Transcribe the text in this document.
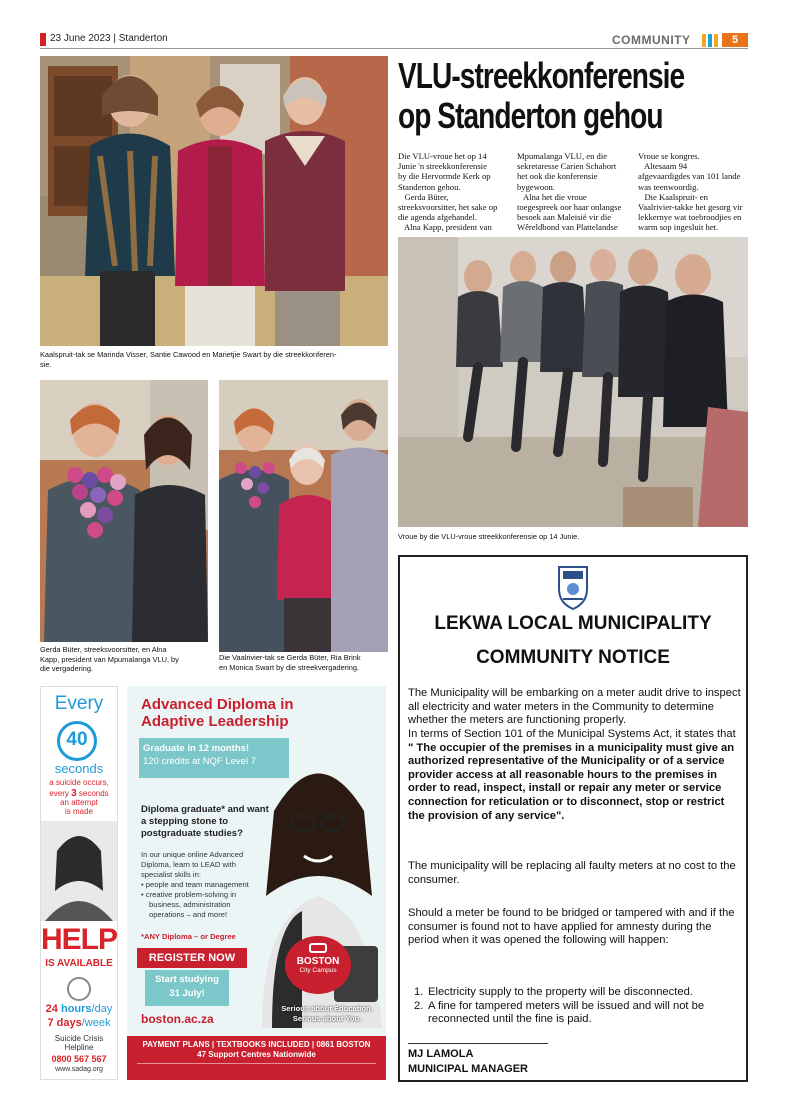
23 June 2023 | Standerton	COMMUNITY	5
Kaalspruit-tak se Marinda Visser, Santie Cawood en Marietjie Swart by die streekkonferen-
sie.
VLU-streekkonferensie
op Standerton gehou
Die VLU-vroue het op 14
Junie 'n streekkonferensie
by die Hervormde Kerk op
Standerton gehou.
Gerda Büter,
streeksvoorsitter, het sake op
die agenda afgehandel.
Alna Kapp, president van
Mpumalanga VLU, en die
sekretaresse Carien Schabort
het ook die konferensie
bygewoon.
Alna het die vroue
toegespreek oor haar onlangse
besoek aan Maleisië vir die
Wêreldbond van Plattelandse
Vroue se kongres.
Altesaam 94
afgevaardigdes van 101 lande
was teenwoordig.
Die Kaalspruit- en
Vaalrivier-takke het gesorg vir
lekkernye wat toebroodjies en
warm sop ingesluit het.
Vroue by die VLU-vroue streekkonferensie op 14 Junie.
Gerda Büter, streeksvoorsitter, en Alna
Kapp, president van Mpumalanga VLU, by
die vergadering.
Die Vaalrivier-tak se Gerda Büter, Ria Brink
en Monica Swart by die streekvergadering.
Every
40
seconds
a suicide occurs,
every 3 seconds
an attempt
is made
HELP
IS AVAILABLE
24 hours/day
7 days/week
Suicide Crisis
Helpline
0800 567 567
www.sadag.org
Advanced Diploma in
Adaptive Leadership
Graduate in 12 months!
120 credits at NQF Level 7
Diploma graduate* and want
a stepping stone to
postgraduate studies?
In our unique online Advanced
Diploma, learn to LEAD with
specialist skills in:
• people and team management
• creative problem-solving in
business, administration
operations – and more!
*ANY Diploma – or Degree
REGISTER NOW
Start studying
31 July!
boston.ac.za
BOSTON
City Campus
Serious about Education.
Serious about You.
PAYMENT PLANS | TEXTBOOKS INCLUDED | 0861 BOSTON
47 Support Centres Nationwide
LEKWA LOCAL MUNICIPALITY
COMMUNITY NOTICE
The Municipality will be embarking on a meter audit drive to inspect all electricity and water meters in the Community to determine whether the meters are functioning properly.
In terms of Section 101 of the Municipal Systems Act, it states that " The occupier of the premises in a municipality must give an authorized representative of the Municipality or of a service provider access at all reasonable hours to the premises in order to read, inspect, install or repair any meter or service connection for reticulation or to disconnect, stop or restrict the provision of any service".
The municipality will be replacing all faulty meters at no cost to the consumer.
Should a meter be found to be bridged or tampered with and if the consumer is found not to have applied for amnesty during the period when it was opened the following will happen:
1. Electricity supply to the property will be disconnected.
2. A fine for tampered meters will be issued and will not be reconnected until the fine is paid.
MJ LAMOLA
MUNICIPAL MANAGER
